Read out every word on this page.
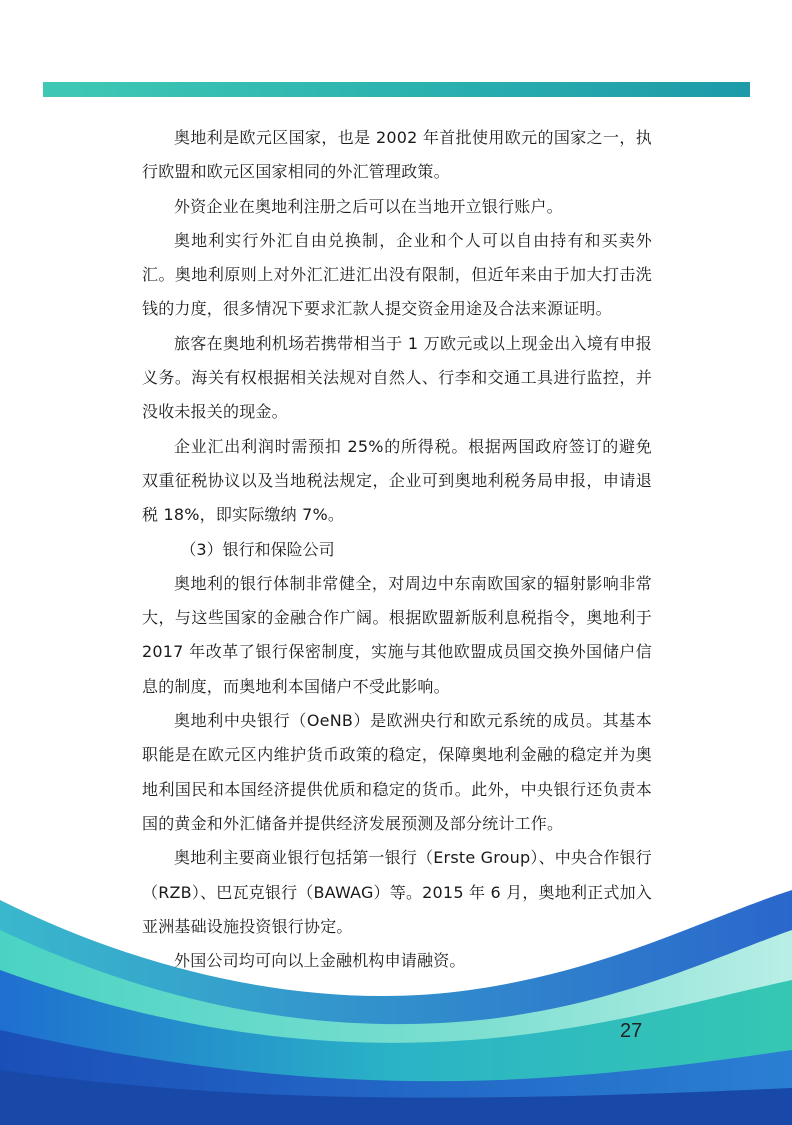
奥地利是欧元区国家，也是 2002 年首批使用欧元的国家之一，执行欧盟和欧元区国家相同的外汇管理政策。

外资企业在奥地利注册之后可以在当地开立银行账户。

奥地利实行外汇自由兑换制，企业和个人可以自由持有和买卖外汇。奥地利原则上对外汇汇进汇出没有限制，但近年来由于加大打击洗钱的力度，很多情况下要求汇款人提交资金用途及合法来源证明。

旅客在奥地利机场若携带相当于 1 万欧元或以上现金出入境有申报义务。海关有权根据相关法规对自然人、行李和交通工具进行监控，并没收未报关的现金。

企业汇出利润时需预扣 25%的所得税。根据两国政府签订的避免双重征税协议以及当地税法规定，企业可到奥地利税务局申报，申请退税 18%，即实际缴纳 7%。

（3）银行和保险公司

奥地利的银行体制非常健全，对周边中东南欧国家的辐射影响非常大，与这些国家的金融合作广阔。根据欧盟新版利息税指令，奥地利于 2017 年改革了银行保密制度，实施与其他欧盟成员国交换外国储户信息的制度，而奥地利本国储户不受此影响。

奥地利中央银行（OeNB）是欧洲央行和欧元系统的成员。其基本职能是在欧元区内维护货币政策的稳定，保障奥地利金融的稳定并为奥地利国民和本国经济提供优质和稳定的货币。此外，中央银行还负责本国的黄金和外汇储备并提供经济发展预测及部分统计工作。

奥地利主要商业银行包括第一银行（Erste Group）、中央合作银行（RZB）、巴瓦克银行（BAWAG）等。2015 年 6 月，奥地利正式加入亚洲基础设施投资银行协定。

外国公司均可向以上金融机构申请融资。

27
